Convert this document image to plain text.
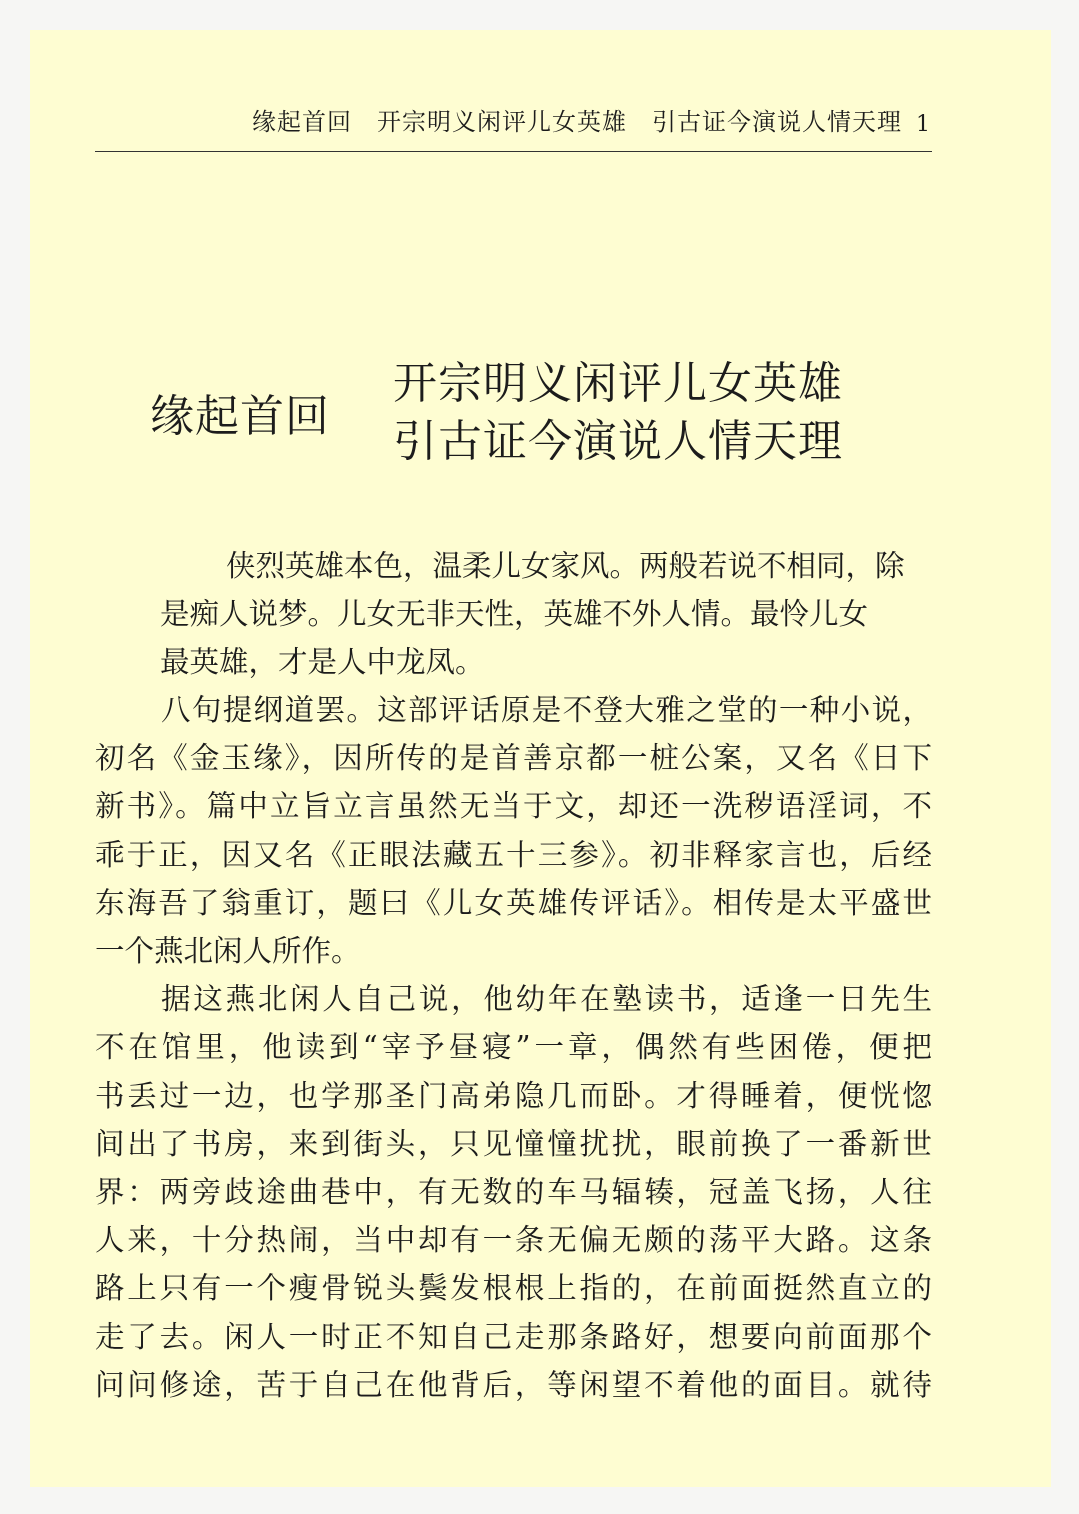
缘起首回　开宗明义闲评儿女英雄　引古证今演说人情天理 1
缘起首回
开宗明义闲评儿女英雄
引古证今演说人情天理
侠烈英雄本色，温柔儿女家风。两般若说不相同，除
是痴人说梦。儿女无非天性，英雄不外人情。最怜儿女
最英雄，才是人中龙凤。
八句提纲道罢。这部评话原是不登大雅之堂的一种小说，
初名《金玉缘》，因所传的是首善京都一桩公案，又名《日下
新书》。篇中立旨立言虽然无当于文，却还一洗秽语淫词，不
乖于正，因又名《正眼法藏五十三参》。初非释家言也，后经
东海吾了翁重订，题曰《儿女英雄传评话》。相传是太平盛世
一个燕北闲人所作。
据这燕北闲人自己说，他幼年在塾读书，适逢一日先生
不在馆里，他读到“宰予昼寝”一章，偶然有些困倦，便把
书丢过一边，也学那圣门高弟隐几而卧。才得睡着，便恍惚
间出了书房，来到街头，只见憧憧扰扰，眼前换了一番新世
界：两旁歧途曲巷中，有无数的车马辐辏，冠盖飞扬，人往
人来，十分热闹，当中却有一条无偏无颇的荡平大路。这条
路上只有一个瘦骨锐头鬓发根根上指的，在前面挺然直立的
走了去。闲人一时正不知自己走那条路好，想要向前面那个
问问修途，苦于自己在他背后，等闲望不着他的面目。就待
